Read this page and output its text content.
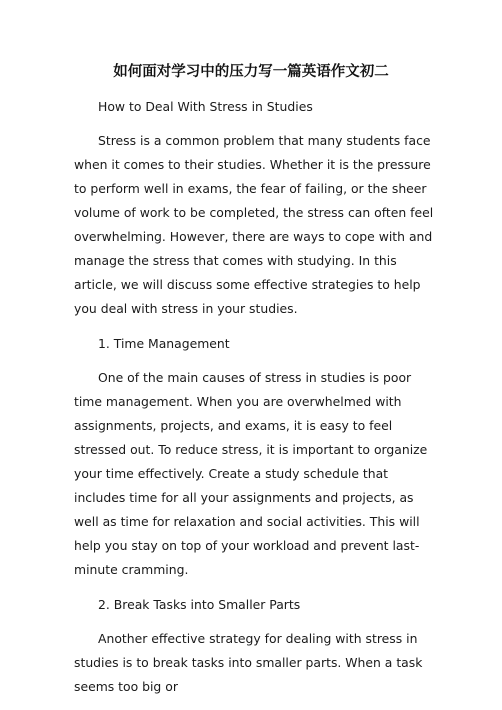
如何面对学习中的压力写一篇英语作文初二

How to Deal With Stress in Studies

Stress is a common problem that many students face when it comes to their studies. Whether it is the pressure to perform well in exams, the fear of failing, or the sheer volume of work to be completed, the stress can often feel overwhelming. However, there are ways to cope with and manage the stress that comes with studying. In this article, we will discuss some effective strategies to help you deal with stress in your studies.

1. Time Management

One of the main causes of stress in studies is poor time management. When you are overwhelmed with assignments, projects, and exams, it is easy to feel stressed out. To reduce stress, it is important to organize your time effectively. Create a study schedule that includes time for all your assignments and projects, as well as time for relaxation and social activities. This will help you stay on top of your workload and prevent last-minute cramming.

2. Break Tasks into Smaller Parts

Another effective strategy for dealing with stress in studies is to break tasks into smaller parts. When a task seems too big or
